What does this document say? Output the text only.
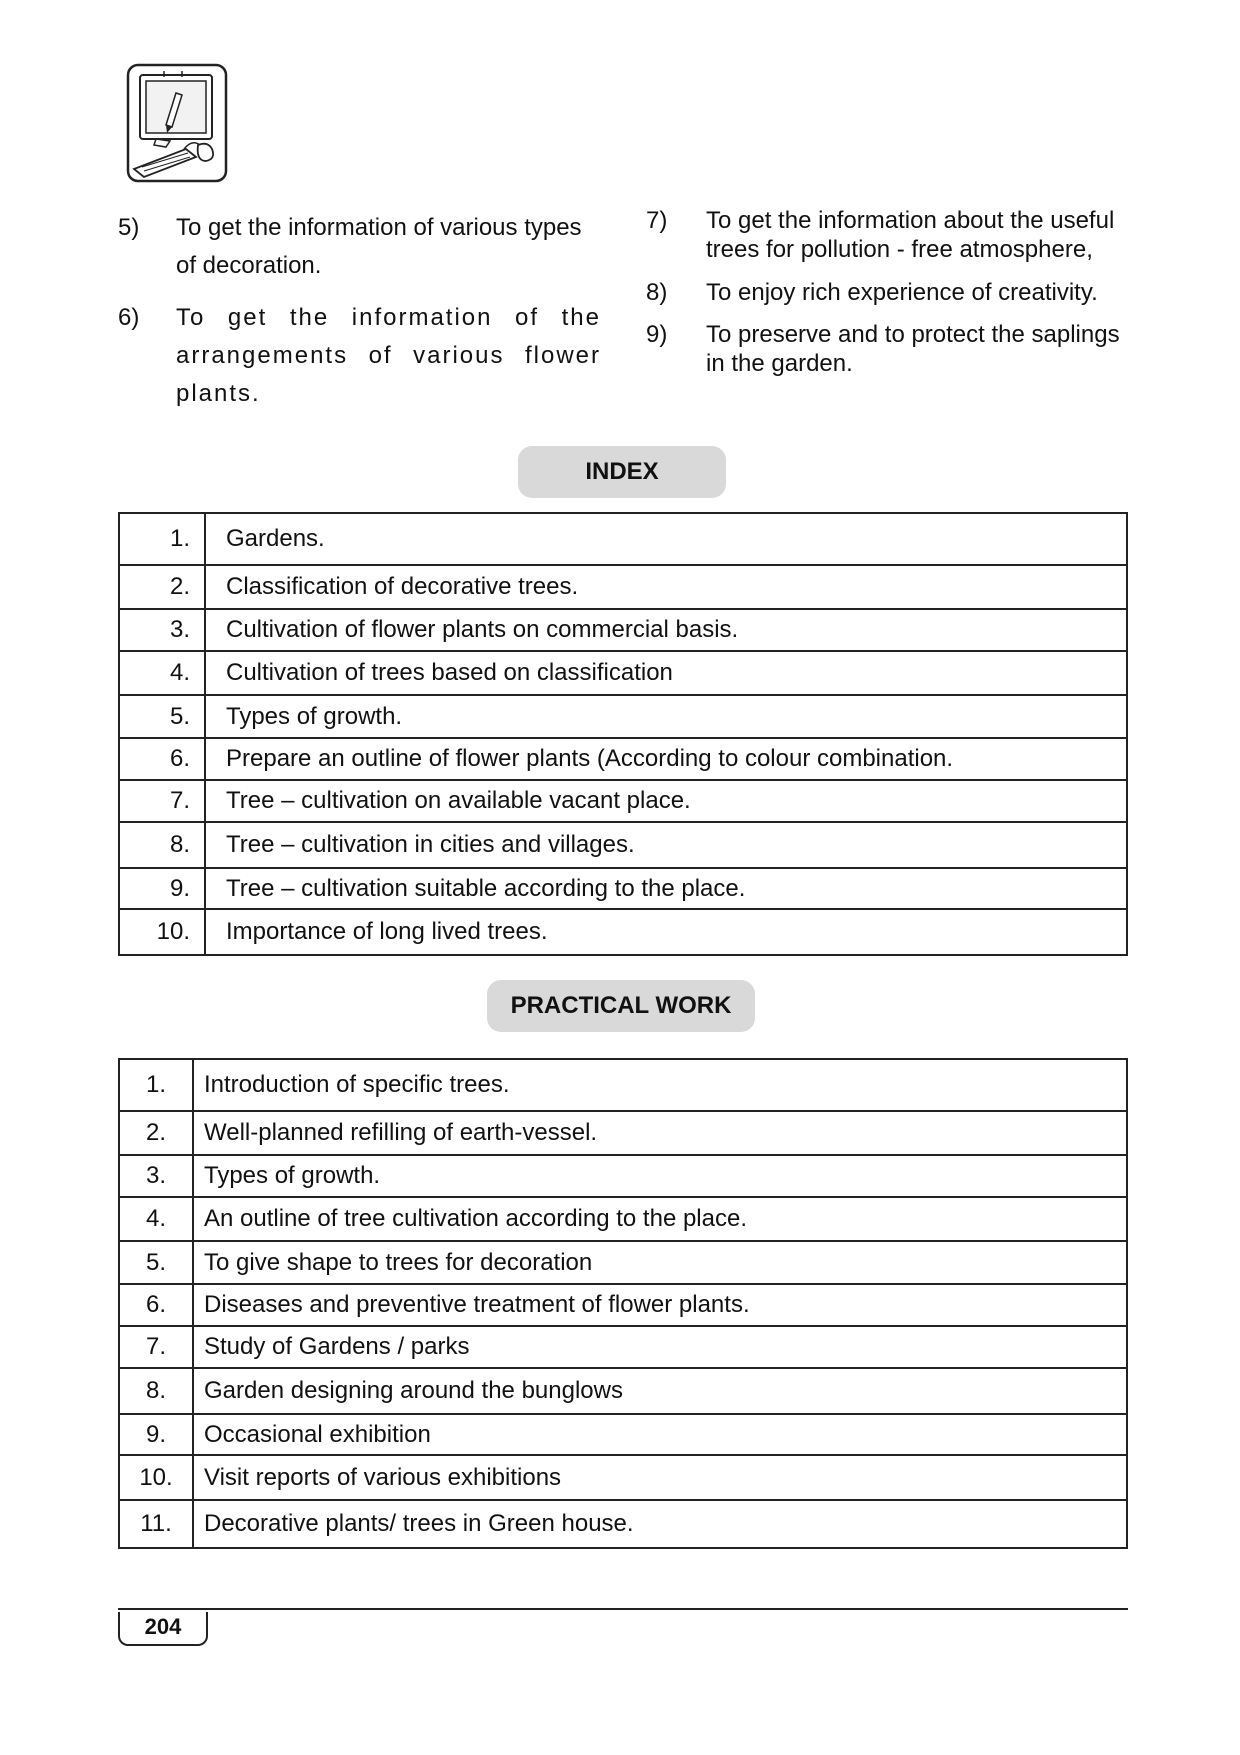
5) To get the information of various types of decoration.
6) To get the information of the arrangements of various flower plants.
7) To get the information about the useful trees for pollution - free atmosphere,
8) To enjoy rich experience of creativity.
9) To preserve and to protect the saplings in the garden.
INDEX
1.	Gardens.
2.	Classification of decorative trees.
3.	Cultivation of flower plants on commercial basis.
4.	Cultivation of trees based on classification
5.	Types of growth.
6.	Prepare an outline of flower plants (According to colour combination.
7.	Tree – cultivation on available vacant place.
8.	Tree – cultivation in cities and villages.
9.	Tree – cultivation suitable according to the place.
10.	Importance of long lived trees.
PRACTICAL WORK
1.	Introduction of specific trees.
2.	Well-planned refilling of earth-vessel.
3.	Types of growth.
4.	An outline of tree cultivation according to the place.
5.	To give shape to trees for decoration
6.	Diseases and preventive treatment of flower plants.
7.	Study of Gardens / parks
8.	Garden designing around the bunglows
9.	Occasional exhibition
10.	Visit reports of various exhibitions
11.	Decorative plants/ trees in Green house.
204
